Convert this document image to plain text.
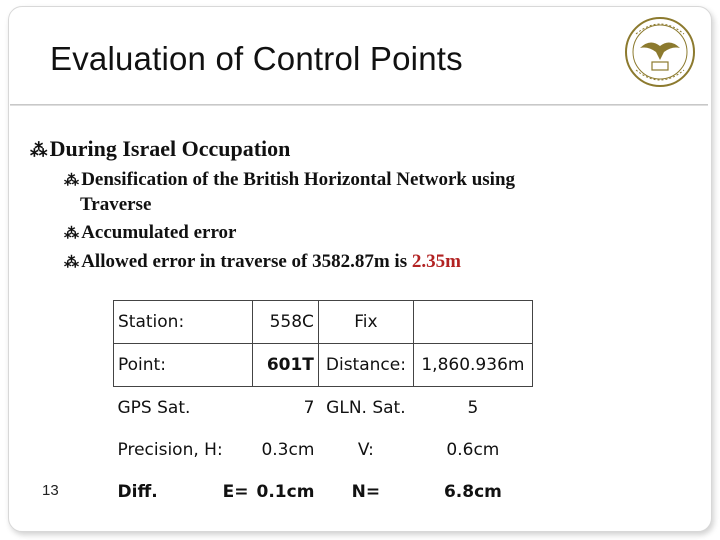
Evaluation of Control Points

⁂During Israel Occupation

⁂ Densification of the British Horizontal Network using
Traverse

⁂ Accumulated error

⁂ Allowed error in traverse of 3582.87m is 2.35m

Station:	558C	Fix	
Point:	601T	Distance:	1,860.936m
GPS Sat.	7	GLN. Sat.	5
Precision, H:	0.3cm	V:	0.6cm
Diff. E=	0.1cm	N=	6.8cm
13
